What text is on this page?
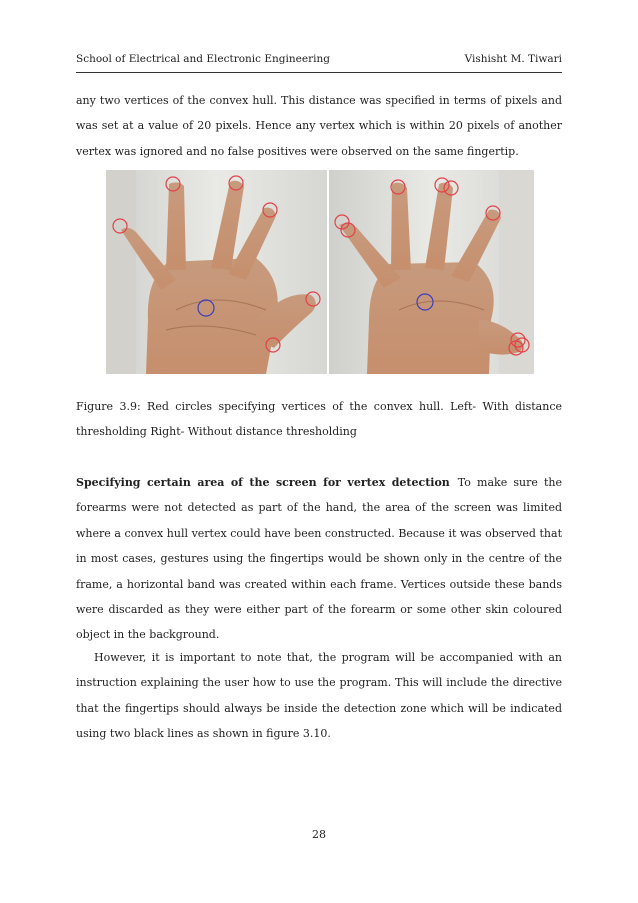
School of Electrical and Electronic Engineering	Vishisht M. Tiwari
any two vertices of the convex hull. This distance was specified in terms of pixels and was set at a value of 20 pixels. Hence any vertex which is within 20 pixels of another vertex was ignored and no false positives were observed on the same fingertip.
Figure 3.9: Red circles specifying vertices of the convex hull. Left- With distance thresholding Right- Without distance thresholding
Specifying certain area of the screen for vertex detection To make sure the forearms were not detected as part of the hand, the area of the screen was limited where a convex hull vertex could have been constructed. Because it was observed that in most cases, gestures using the fingertips would be shown only in the centre of the frame, a horizontal band was created within each frame. Vertices outside these bands were discarded as they were either part of the forearm or some other skin coloured object in the background.
However, it is important to note that, the program will be accompanied with an instruction explaining the user how to use the program. This will include the directive that the fingertips should always be inside the detection zone which will be indicated using two black lines as shown in figure 3.10.
28
